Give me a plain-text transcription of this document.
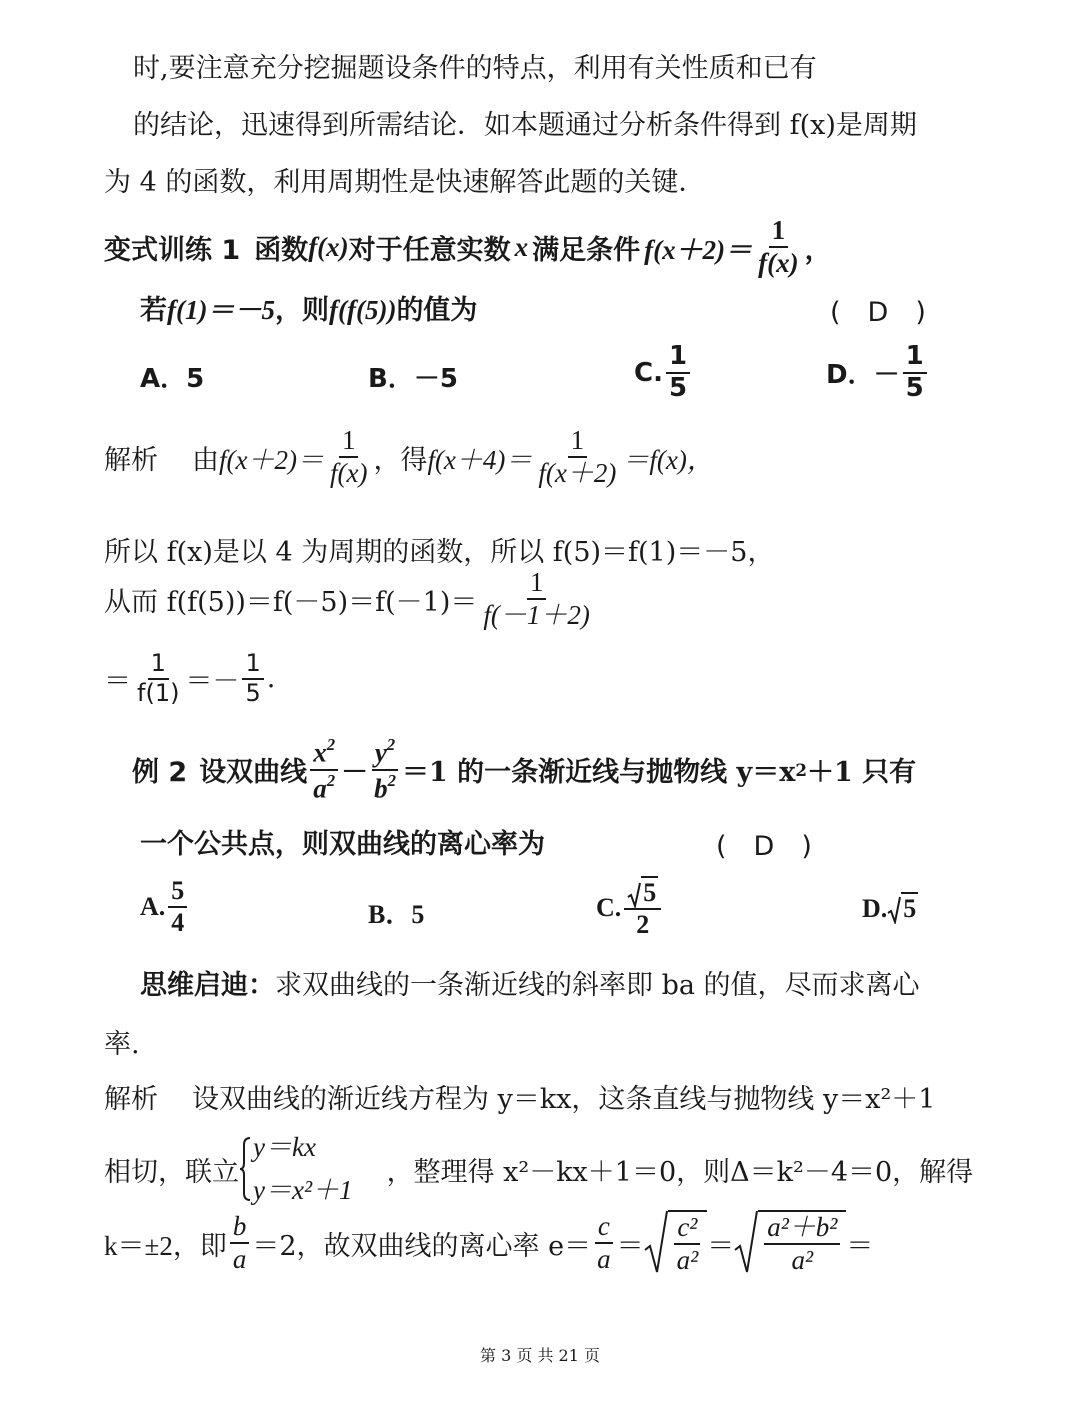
时,要注意充分挖掘题设条件的特点，利用有关性质和已有
的结论，迅速得到所需结论．如本题通过分析条件得到 f(x)是周期
为 4 的函数，利用周期性是快速解答此题的关键．
变式训练 1 函数 f(x) 对于任意实数 x 满足条件 $f(x+2)= \frac{1}{f(x)}$ ，
若f(1)＝－5，则f(f(5))的值为	(　D　)
A．5	B．－5	C. $\frac{1}{5}$	D．－ $\frac{1}{5}$
解析 由 $f(x+2)= \frac{1}{f(x)}$ ，得 $f(x+4)= \frac{1}{f(x+2)} =f(x)$，
所以 f(x)是以 4 为周期的函数，所以 f(5)＝f(1)＝－5，
从而 $f(f(5))=f(-5)=f(-1)= \frac{1}{f(-1+2)}$
＝ $\frac{1}{f(1)} =- \frac{1}{5}$ .
例 2 设双曲线 $\frac{x^2}{a^2} - \frac{y^2}{b^2} =1$ 的一条渐近线与抛物线 y＝x 2 ＋1 只有
一个公共点，则双曲线的离心率为	(　D　)
A. $\frac{5}{4}$	B．5	C. $\frac{5}{2}$	D. 5
思维启迪：求双曲线的一条渐近线的斜率即 ba 的值，尽而求离心
率.
解析 设双曲线的渐近线方程为 y＝kx，这条直线与抛物线 y＝x²＋1
相切，联立
y＝kx
y＝x²＋1
，整理得 x²－kx＋1＝0，则Δ＝k²－4＝0，解得
k＝±2，即 $\frac{b}{a} =2$，故双曲线的离心率 $e= \frac{c}{a} = \frac{\text{c²}}{\text{a²}} = \frac{\text{a²＋b²}}{\text{a²}}$ ＝
第 3 页 共 21 页
